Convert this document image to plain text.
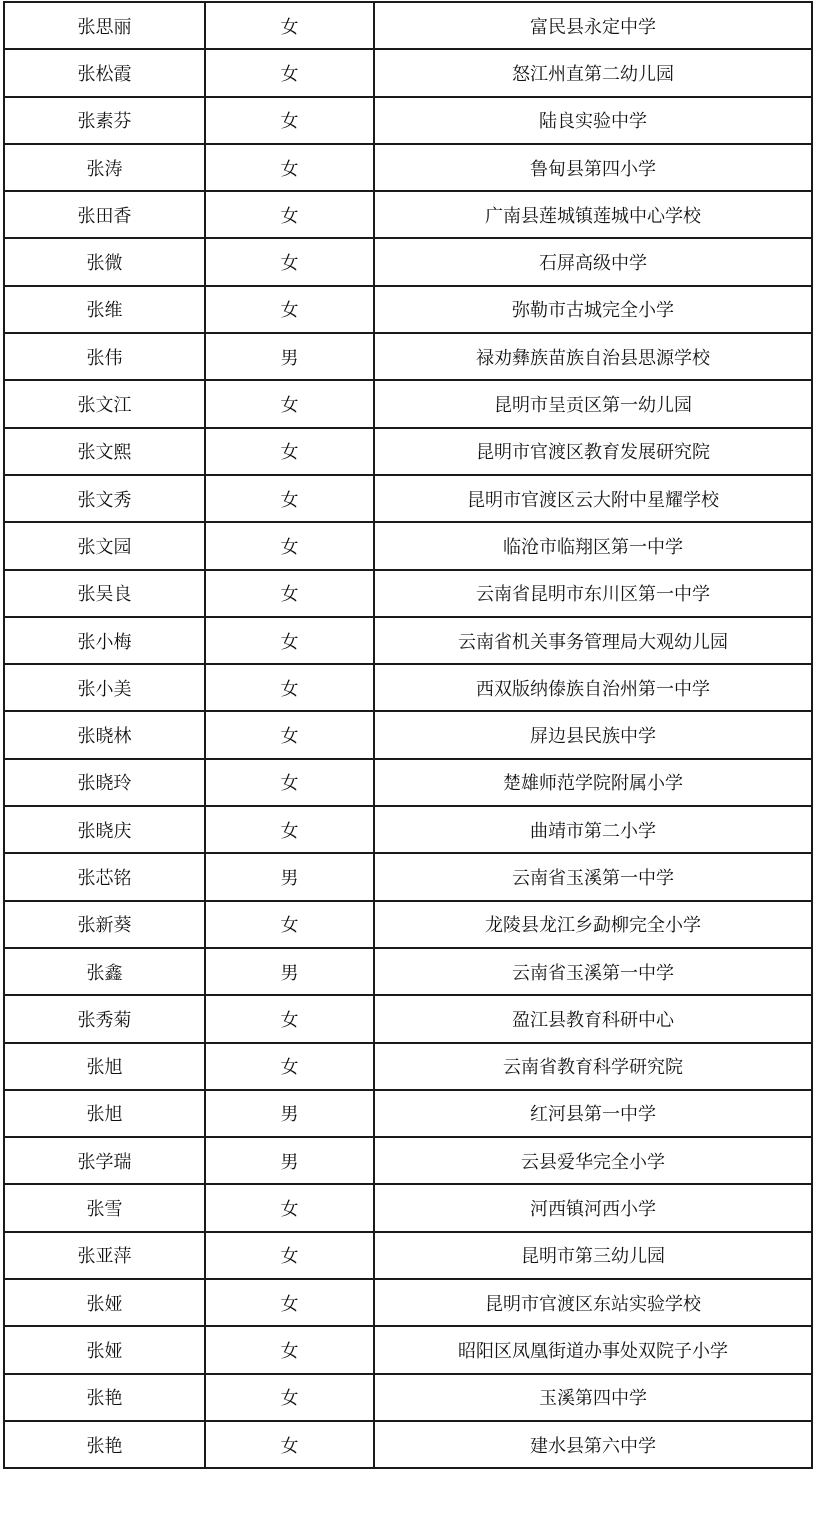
张思丽	女	富民县永定中学
张松霞	女	怒江州直第二幼儿园
张素芬	女	陆良实验中学
张涛	女	鲁甸县第四小学
张田香	女	广南县莲城镇莲城中心学校
张微	女	石屏高级中学
张维	女	弥勒市古城完全小学
张伟	男	禄劝彝族苗族自治县思源学校
张文江	女	昆明市呈贡区第一幼儿园
张文熙	女	昆明市官渡区教育发展研究院
张文秀	女	昆明市官渡区云大附中星耀学校
张文园	女	临沧市临翔区第一中学
张吴良	女	云南省昆明市东川区第一中学
张小梅	女	云南省机关事务管理局大观幼儿园
张小美	女	西双版纳傣族自治州第一中学
张晓林	女	屏边县民族中学
张晓玲	女	楚雄师范学院附属小学
张晓庆	女	曲靖市第二小学
张芯铭	男	云南省玉溪第一中学
张新葵	女	龙陵县龙江乡勐柳完全小学
张鑫	男	云南省玉溪第一中学
张秀菊	女	盈江县教育科研中心
张旭	女	云南省教育科学研究院
张旭	男	红河县第一中学
张学瑞	男	云县爱华完全小学
张雪	女	河西镇河西小学
张亚萍	女	昆明市第三幼儿园
张娅	女	昆明市官渡区东站实验学校
张娅	女	昭阳区凤凰街道办事处双院子小学
张艳	女	玉溪第四中学
张艳	女	建水县第六中学
